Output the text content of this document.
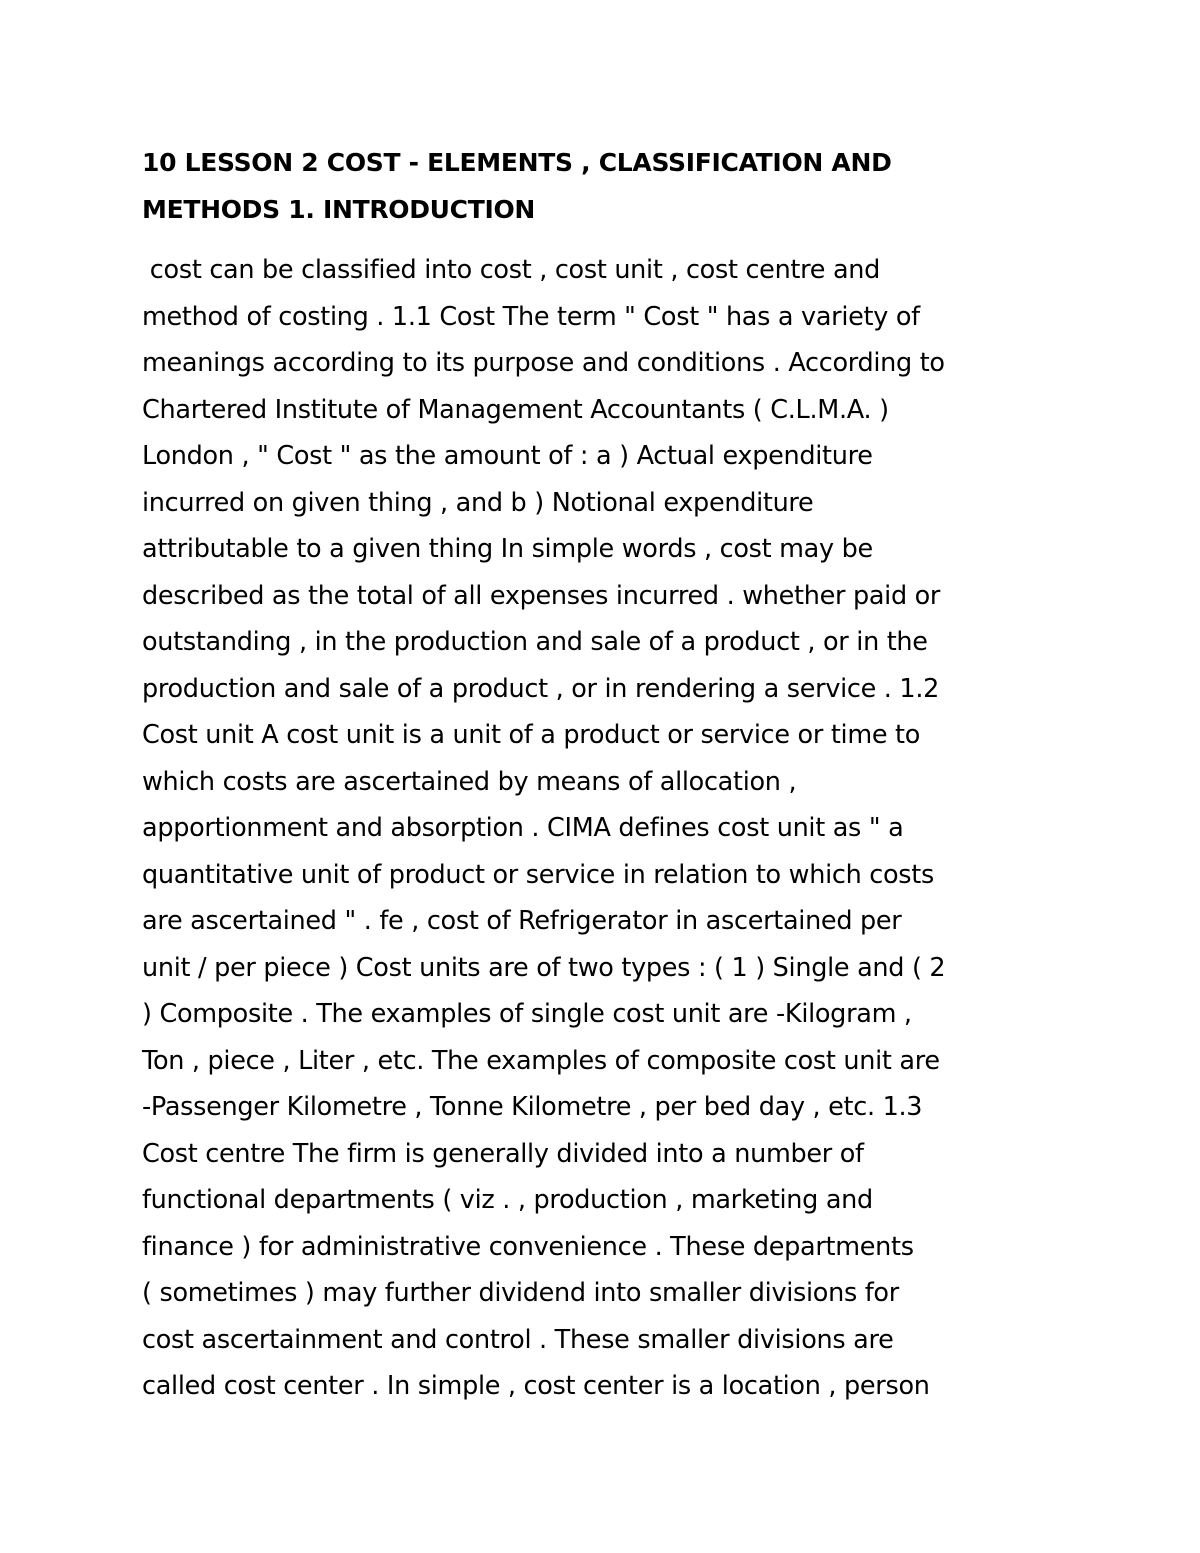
10 LESSON 2 COST - ELEMENTS , CLASSIFICATION AND
METHODS 1. INTRODUCTION

cost can be classified into cost , cost unit , cost centre and
method of costing . 1.1 Cost The term " Cost " has a variety of
meanings according to its purpose and conditions . According to
Chartered Institute of Management Accountants ( C.L.M.A. )
London , " Cost " as the amount of : a ) Actual expenditure
incurred on given thing , and b ) Notional expenditure
attributable to a given thing In simple words , cost may be
described as the total of all expenses incurred . whether paid or
outstanding , in the production and sale of a product , or in the
production and sale of a product , or in rendering a service . 1.2
Cost unit A cost unit is a unit of a product or service or time to
which costs are ascertained by means of allocation ,
apportionment and absorption . CIMA defines cost unit as " a
quantitative unit of product or service in relation to which costs
are ascertained " . fe , cost of Refrigerator in ascertained per
unit / per piece ) Cost units are of two types : ( 1 ) Single and ( 2
) Composite . The examples of single cost unit are -Kilogram ,
Ton , piece , Liter , etc. The examples of composite cost unit are
-Passenger Kilometre , Tonne Kilometre , per bed day , etc. 1.3
Cost centre The firm is generally divided into a number of
functional departments ( viz . , production , marketing and
finance ) for administrative convenience . These departments
( sometimes ) may further dividend into smaller divisions for
cost ascertainment and control . These smaller divisions are
called cost center . In simple , cost center is a location , person
